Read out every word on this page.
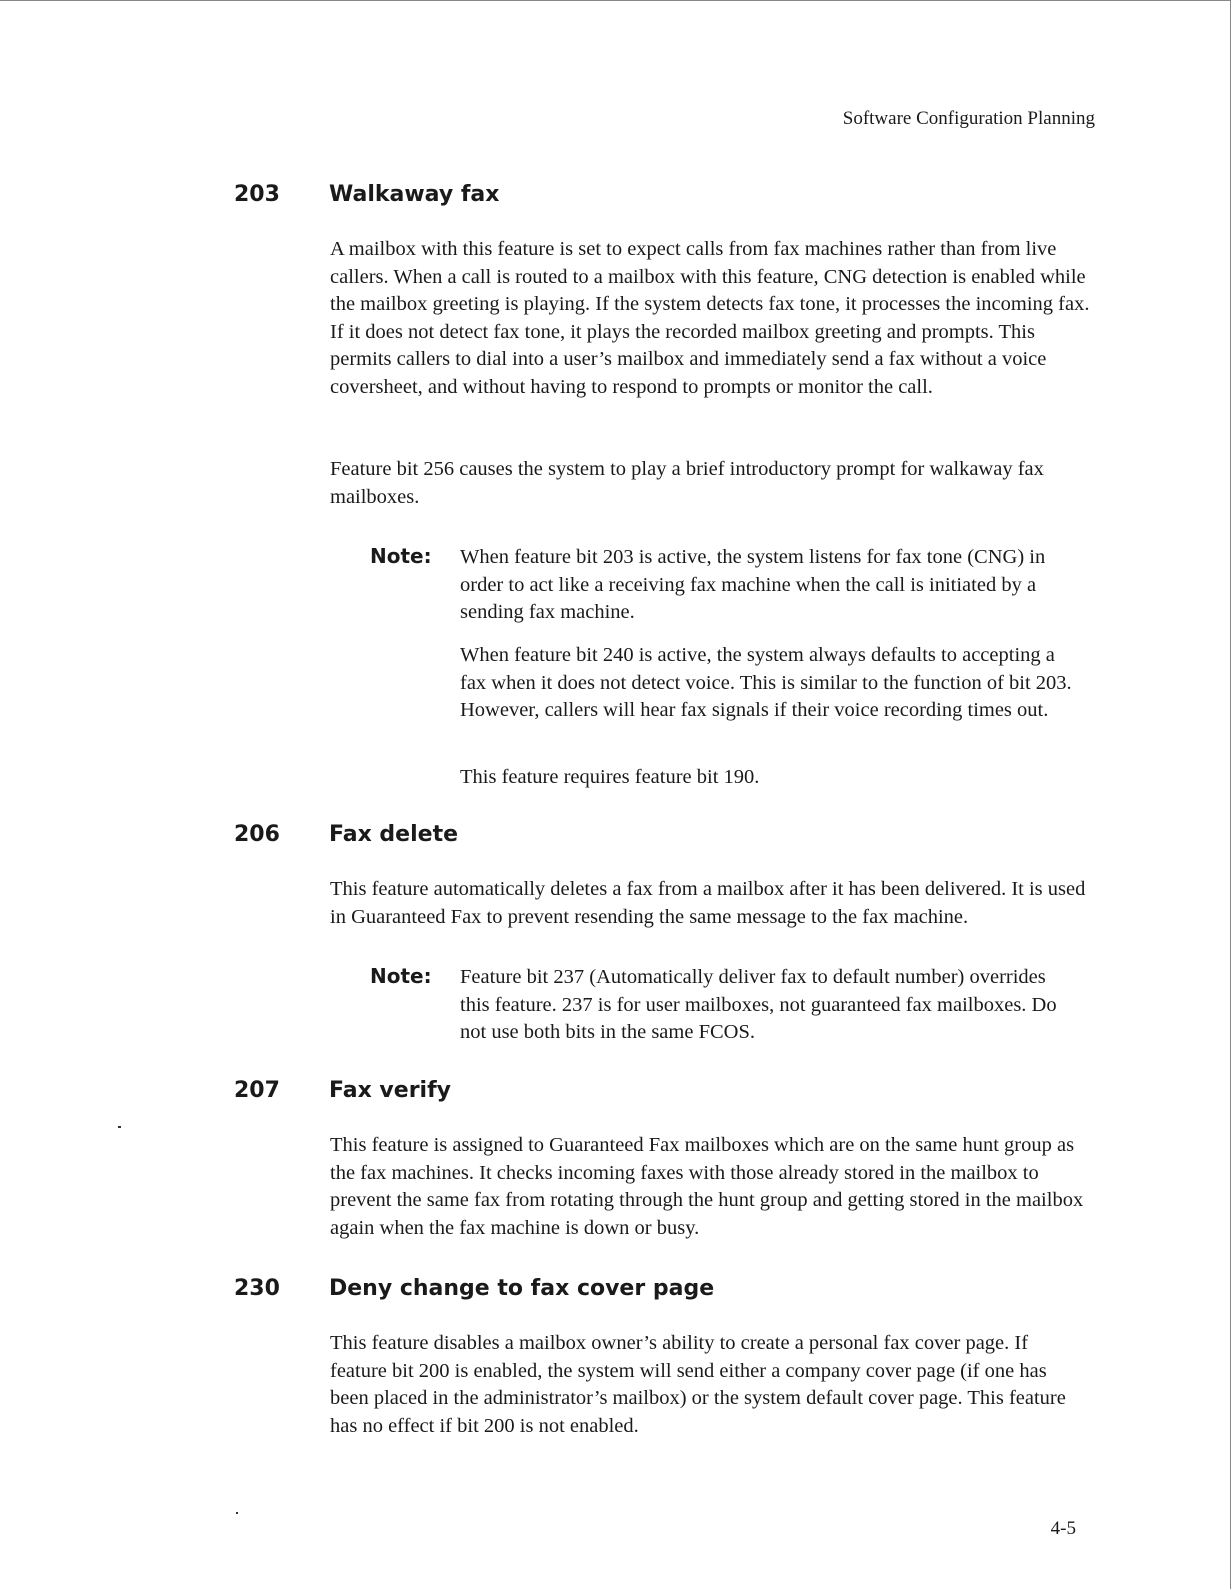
Software Configuration Planning

203 Walkaway fax

A mailbox with this feature is set to expect calls from fax machines rather than from live callers. When a call is routed to a mailbox with this feature, CNG detection is enabled while the mailbox greeting is playing. If the system detects fax tone, it processes the incoming fax. If it does not detect fax tone, it plays the recorded mailbox greeting and prompts. This permits callers to dial into a user’s mailbox and immediately send a fax without a voice coversheet, and without having to respond to prompts or monitor the call.

Feature bit 256 causes the system to play a brief introductory prompt for walkaway fax mailboxes.

Note: When feature bit 203 is active, the system listens for fax tone (CNG) in order to act like a receiving fax machine when the call is initiated by a sending fax machine.

When feature bit 240 is active, the system always defaults to accepting a fax when it does not detect voice. This is similar to the function of bit 203. However, callers will hear fax signals if their voice recording times out.

This feature requires feature bit 190.

206 Fax delete

This feature automatically deletes a fax from a mailbox after it has been delivered. It is used in Guaranteed Fax to prevent resending the same message to the fax machine.

Note: Feature bit 237 (Automatically deliver fax to default number) overrides this feature. 237 is for user mailboxes, not guaranteed fax mailboxes. Do not use both bits in the same FCOS.

207 Fax verify

This feature is assigned to Guaranteed Fax mailboxes which are on the same hunt group as the fax machines. It checks incoming faxes with those already stored in the mailbox to prevent the same fax from rotating through the hunt group and getting stored in the mailbox again when the fax machine is down or busy.

230 Deny change to fax cover page

This feature disables a mailbox owner’s ability to create a personal fax cover page. If feature bit 200 is enabled, the system will send either a company cover page (if one has been placed in the administrator’s mailbox) or the system default cover page. This feature has no effect if bit 200 is not enabled.

4-5
